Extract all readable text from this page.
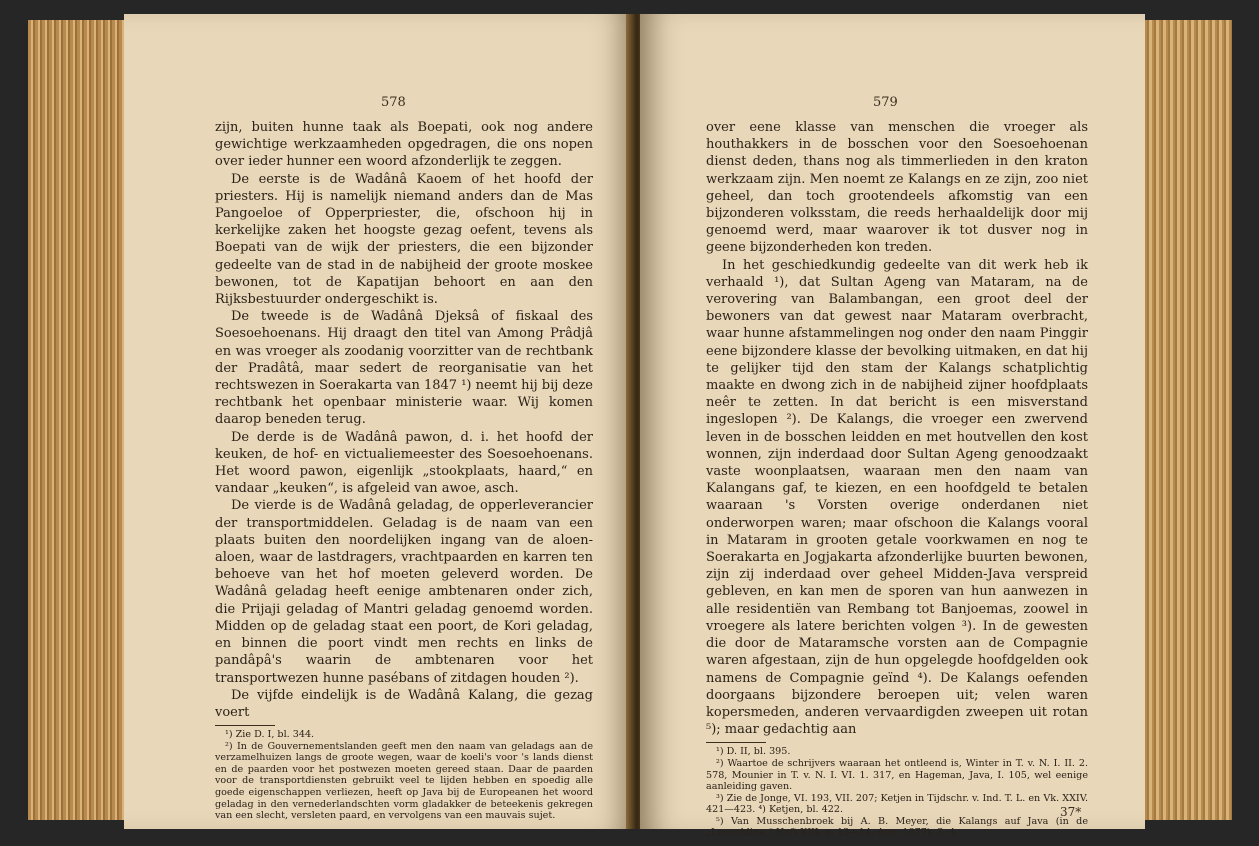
578

zijn, buiten hunne taak als Boepati, ook nog andere gewichtige werkzaamheden opgedragen, die ons nopen over ieder hunner een woord afzonderlijk te zeggen.

De eerste is de Wadânâ Kaoem of het hoofd der priesters. Hij is namelijk niemand anders dan de Mas Pangoeloe of Opperpriester, die, ofschoon hij in kerkelijke zaken het hoogste gezag oefent, tevens als Boepati van de wijk der priesters, die een bijzonder gedeelte van de stad in de nabijheid der groote moskee bewonen, tot de Kapatijan behoort en aan den Rijksbestuurder ondergeschikt is.

De tweede is de Wadânâ Djeksâ of fiskaal des Soesoehoenans. Hij draagt den titel van Among Prâdjâ en was vroeger als zoodanig voorzitter van de rechtbank der Pradâtâ, maar sedert de reorganisatie van het rechtswezen in Soerakarta van 1847 ¹) neemt hij bij deze rechtbank het openbaar ministerie waar. Wij komen daarop beneden terug.

De derde is de Wadânâ pawon, d. i. het hoofd der keuken, de hof- en victualiemeester des Soesoehoenans. Het woord pawon, eigenlijk „stookplaats, haard,“ en vandaar „keuken“, is afgeleid van awoe, asch.

De vierde is de Wadânâ geladag, de opperleverancier der transportmiddelen. Geladag is de naam van een plaats buiten den noordelijken ingang van de aloen-aloen, waar de lastdragers, vrachtpaarden en karren ten behoeve van het hof moeten geleverd worden. De Wadânâ geladag heeft eenige ambtenaren onder zich, die Prijaji geladag of Mantri geladag genoemd worden. Midden op de geladag staat een poort, de Kori geladag, en binnen die poort vindt men rechts en links de pandâpâ's waarin de ambtenaren voor het transportwezen hunne pasébans of zitdagen houden ²).

De vijfde eindelijk is de Wadânâ Kalang, die gezag voert

¹) Zie D. I, bl. 344.

²) In de Gouvernementslanden geeft men den naam van geladags aan de verzamelhuizen langs de groote wegen, waar de koeli's voor 's lands dienst en de paarden voor het postwezen moeten gereed staan. Daar de paarden voor de transportdiensten gebruikt veel te lijden hebben en spoedig alle goede eigenschappen verliezen, heeft op Java bij de Europeanen het woord geladag in den vernederlandschten vorm gladakker de beteekenis gekregen van een slecht, versleten paard, en vervolgens van een mauvais sujet.

579

over eene klasse van menschen die vroeger als houthakkers in de bosschen voor den Soesoehoenan dienst deden, thans nog als timmerlieden in den kraton werkzaam zijn. Men noemt ze Kalangs en ze zijn, zoo niet geheel, dan toch grootendeels afkomstig van een bijzonderen volksstam, die reeds herhaaldelijk door mij genoemd werd, maar waarover ik tot dusver nog in geene bijzonderheden kon treden.

In het geschiedkundig gedeelte van dit werk heb ik verhaald ¹), dat Sultan Ageng van Mataram, na de verovering van Balambangan, een groot deel der bewoners van dat gewest naar Mataram overbracht, waar hunne afstammelingen nog onder den naam Pinggir eene bijzondere klasse der bevolking uitmaken, en dat hij te gelijker tijd den stam der Kalangs schatplichtig maakte en dwong zich in de nabijheid zijner hoofdplaats neêr te zetten. In dat bericht is een misverstand ingeslopen ²). De Kalangs, die vroeger een zwervend leven in de bosschen leidden en met houtvellen den kost wonnen, zijn inderdaad door Sultan Ageng genoodzaakt vaste woonplaatsen, waaraan men den naam van Kalangans gaf, te kiezen, en een hoofdgeld te betalen waaraan 's Vorsten overige onderdanen niet onderworpen waren; maar ofschoon die Kalangs vooral in Mataram in grooten getale voorkwamen en nog te Soerakarta en Jogjakarta afzonderlijke buurten bewonen, zijn zij inderdaad over geheel Midden-Java verspreid gebleven, en kan men de sporen van hun aanwezen in alle residentiën van Rembang tot Banjoemas, zoowel in vroegere als latere berichten volgen ³). In de gewesten die door de Mataramsche vorsten aan de Compagnie waren afgestaan, zijn de hun opgelegde hoofdgelden ook namens de Compagnie geïnd ⁴). De Kalangs oefenden doorgaans bijzondere beroepen uit; velen waren kopersmeden, anderen vervaardigden zweepen uit rotan ⁵); maar gedachtig aan

¹) D. II, bl. 395.

²) Waartoe de schrijvers waaraan het ontleend is, Winter in T. v. N. I. II. 2. 578, Mounier in T. v. N. I. VI. 1. 317, en Hageman, Java, I. 105, wel eenige aanleiding gaven.

³) Zie de Jonge, VI. 193, VII. 207; Ketjen in Tijdschr. v. Ind. T. L. en Vk. XXIV. 421—423. ⁴) Ketjen, bl. 422.

⁵) Van Musschenbroek bij A. B. Meyer, die Kalangs auf Java (in de „Leopoldina,“ Heft XIII, n. 13—14, Aug. 1877), S. 4.

37*
